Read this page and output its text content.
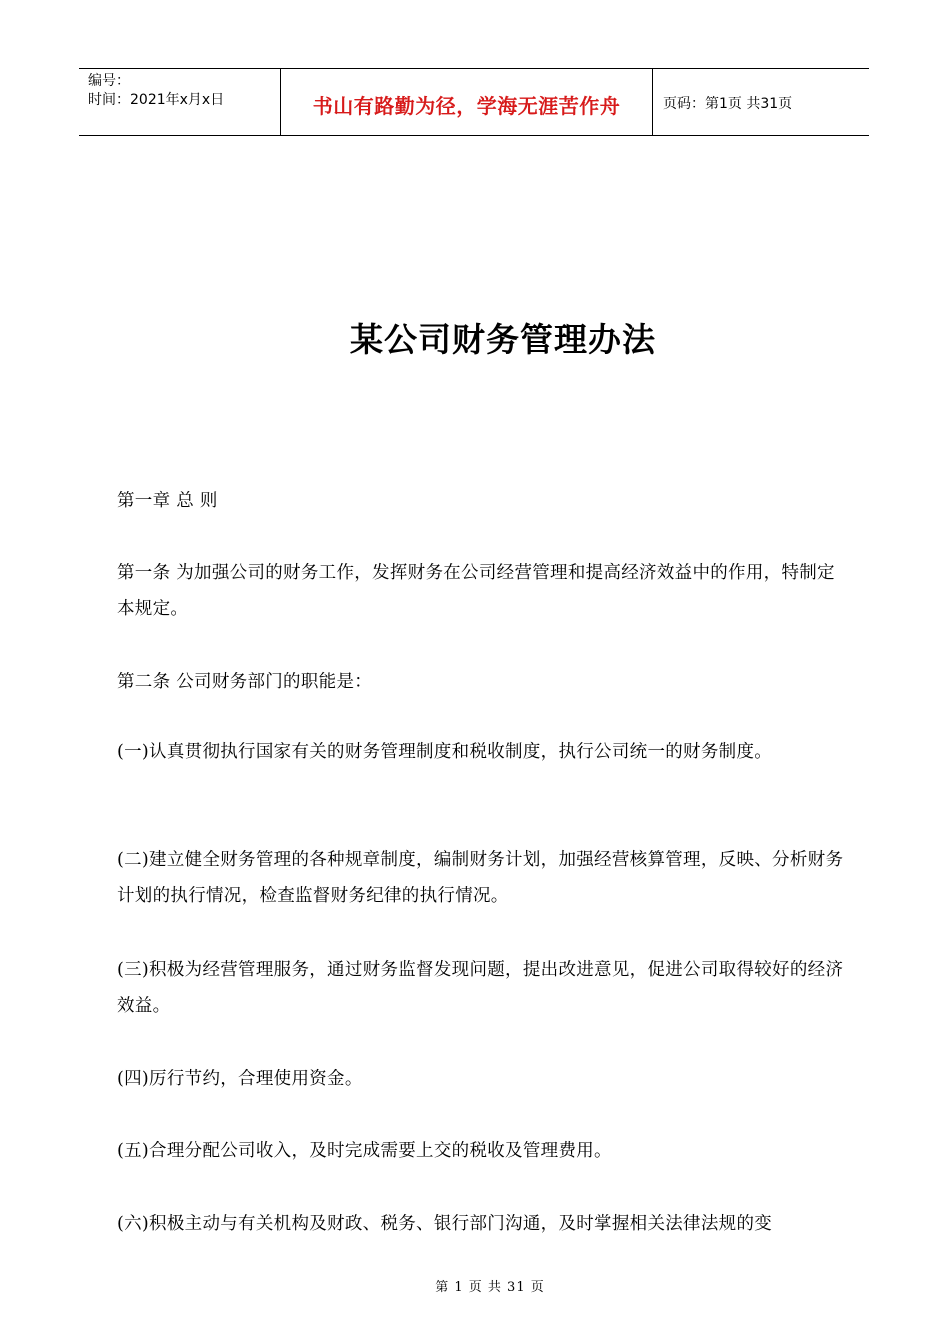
编号：
时间：2021年x月x日	书山有路勤为径，学海无涯苦作舟	页码：第1页 共31页
某公司财务管理办法
第一章 总 则
第一条 为加强公司的财务工作，发挥财务在公司经营管理和提高经济效益中的作用，特制定本规定。
第二条 公司财务部门的职能是：
(一)认真贯彻执行国家有关的财务管理制度和税收制度，执行公司统一的财务制度。
(二)建立健全财务管理的各种规章制度，编制财务计划，加强经营核算管理，反映、分析财务计划的执行情况，检查监督财务纪律的执行情况。
(三)积极为经营管理服务，通过财务监督发现问题，提出改进意见，促进公司取得较好的经济效益。
(四)厉行节约，合理使用资金。
(五)合理分配公司收入，及时完成需要上交的税收及管理费用。
(六)积极主动与有关机构及财政、税务、银行部门沟通，及时掌握相关法律法规的变
第 1 页 共 31 页
